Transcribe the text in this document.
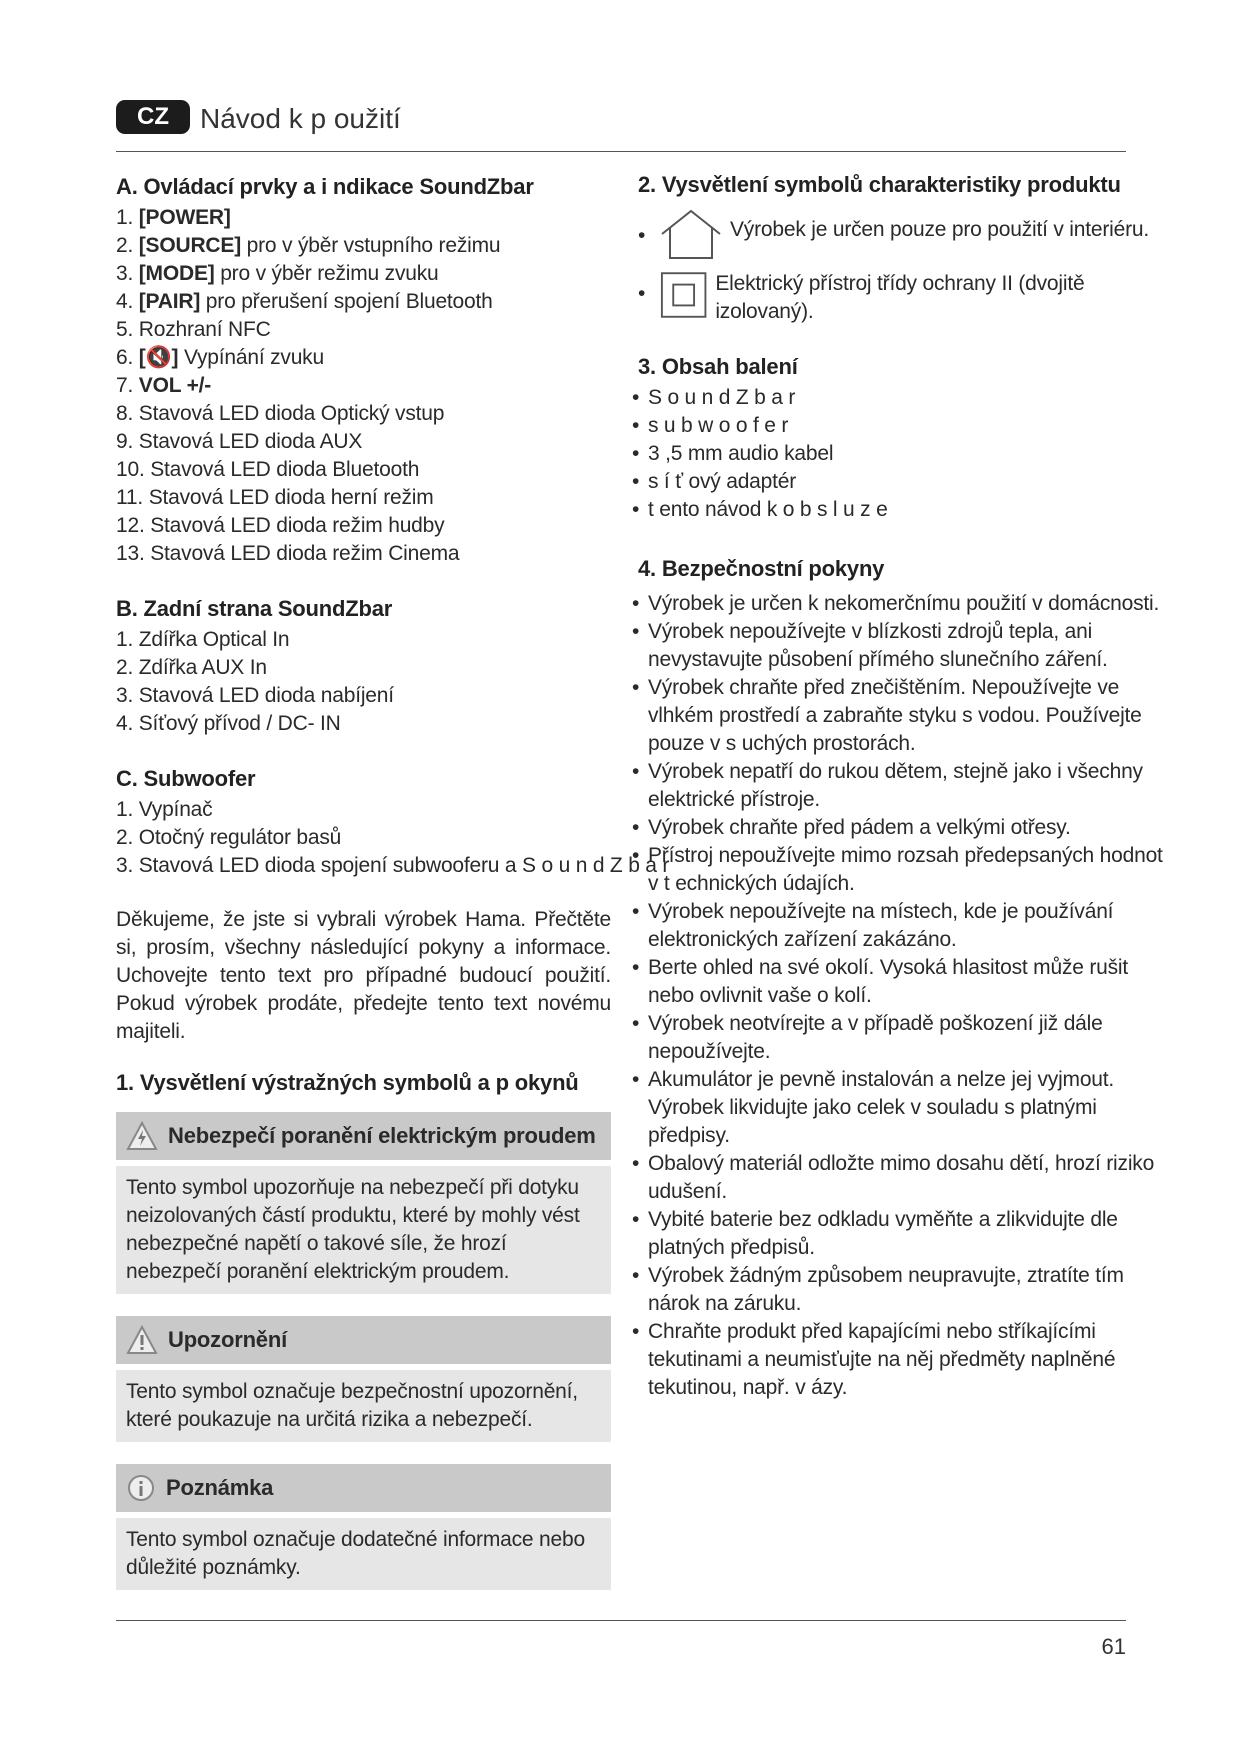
CZ	Návod k p oužití
A. Ovládací prvky a i ndikace SoundZbar
1. [POWER]
2. [SOURCE] pro v ýběr vstupního režimu
3. [MODE] pro v ýběr režimu zvuku
4. [PAIR] pro přerušení spojení Bluetooth
5. Rozhraní NFC
6. [🔇] Vypínání zvuku
7. VOL +/-
8. Stavová LED dioda Optický vstup
9. Stavová LED dioda AUX
10. Stavová LED dioda Bluetooth
11. Stavová LED dioda herní režim
12. Stavová LED dioda režim hudby
13. Stavová LED dioda režim Cinema
B. Zadní strana SoundZbar
1. Zdířka Optical In
2. Zdířka AUX In
3. Stavová LED dioda nabíjení
4. Síťový přívod / DC- IN
C. Subwoofer
1. Vypínač
2. Otočný regulátor basů
3. Stavová LED dioda spojení subwooferu a S o u n d Z b a r

Děkujeme, že jste si vybrali výrobek Hama. Přečtěte si, prosím, všechny následující pokyny a informace. Uchovejte tento text pro případné budoucí použití. Pokud výrobek prodáte, předejte tento text novému majiteli.

1. Vysvětlení výstražných symbolů a p okynů
Nebezpečí poranění elektrickým proudem
Tento symbol upozorňuje na nebezpečí při dotyku neizolovaných částí produktu, které by mohly vést nebezpečné napětí o takové síle, že hrozí nebezpečí poranění elektrickým proudem.
Upozornění
Tento symbol označuje bezpečnostní upozornění, které poukazuje na určitá rizika a nebezpečí.
Poznámka
Tento symbol označuje dodatečné informace nebo důležité poznámky.
2. Vysvětlení symbolů charakteristiky produktu
•	Výrobek je určen pouze pro použití v interiéru.
•	Elektrický přístroj třídy ochrany II (dvojitě izolovaný).
3. Obsah balení
• S o u n d Z b a r
• s u b w o o f e r
• 3 ,5 mm audio kabel
• s í ť ový adaptér
• t ento návod k o b s l u z e
4. Bezpečnostní pokyny
• Výrobek je určen k nekomerčnímu použití v domácnosti.
• Výrobek nepoužívejte v blízkosti zdrojů tepla, ani nevystavujte působení přímého slunečního záření.
• Výrobek chraňte před znečištěním. Nepoužívejte ve vlhkém prostředí a zabraňte styku s vodou. Používejte pouze v s uchých prostorách.
• Výrobek nepatří do rukou dětem, stejně jako i všechny elektrické přístroje.
• Výrobek chraňte před pádem a velkými otřesy.
• Přístroj nepoužívejte mimo rozsah předepsaných hodnot v t echnických údajích.
• Výrobek nepoužívejte na místech, kde je používání elektronických zařízení zakázáno.
• Berte ohled na své okolí. Vysoká hlasitost může rušit nebo ovlivnit vaše o kolí.
• Výrobek neotvírejte a v případě poškození již dále nepoužívejte.
• Akumulátor je pevně instalován a nelze jej vyjmout. Výrobek likvidujte jako celek v souladu s platnými předpisy.
• Obalový materiál odložte mimo dosahu dětí, hrozí riziko udušení.
• Vybité baterie bez odkladu vyměňte a zlikvidujte dle platných předpisů.
• Výrobek žádným způsobem neupravujte, ztratíte tím nárok na záruku.
• Chraňte produkt před kapajícími nebo stříkajícími tekutinami a neumisťujte na něj předměty naplněné tekutinou, např. v ázy.
61
